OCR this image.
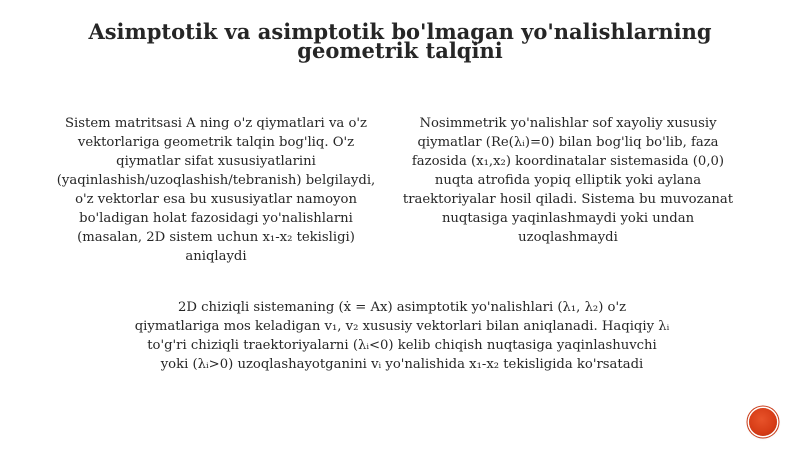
Asimptotik va asimptotik bo'lmagan yo'nalishlarning geometrik talqini
Sistem matritsasi A ning o'z qiymatlari va o'z vektorlariga geometrik talqin bog'liq. O'z qiymatlar sifat xususiyatlarini (yaqinlashish/uzoqlashish/tebranish) belgilaydi, o'z vektorlar esa bu xususiyatlar namoyon bo'ladigan holat fazosidagi yo'nalishlarni (masalan, 2D sistem uchun x₁-x₂ tekisligi) aniqlaydi
Nosimmetrik yo'nalishlar sof xayoliy xususiy qiymatlar (Re(λᵢ)=0) bilan bog'liq bo'lib, faza fazosida (x₁,x₂) koordinatalar sistemasida (0,0) nuqta atrofida yopiq elliptik yoki aylana traektoriyalar hosil qiladi. Sistema bu muvozanat nuqtasiga yaqinlashmaydi yoki undan uzoqlashmaydi
2D chiziqli sistemaning (ẋ = Ax) asimptotik yo'nalishlari (λ₁, λ₂) o'z qiymatlariga mos keladigan v₁, v₂ xususiy vektorlari bilan aniqlanadi. Haqiqiy λᵢ to'g'ri chiziqli traektoriyalarni (λᵢ<0) kelib chiqish nuqtasiga yaqinlashuvchi yoki (λᵢ>0) uzoqlashayotganini vᵢ yo'nalishida x₁-x₂ tekisligida ko'rsatadi
